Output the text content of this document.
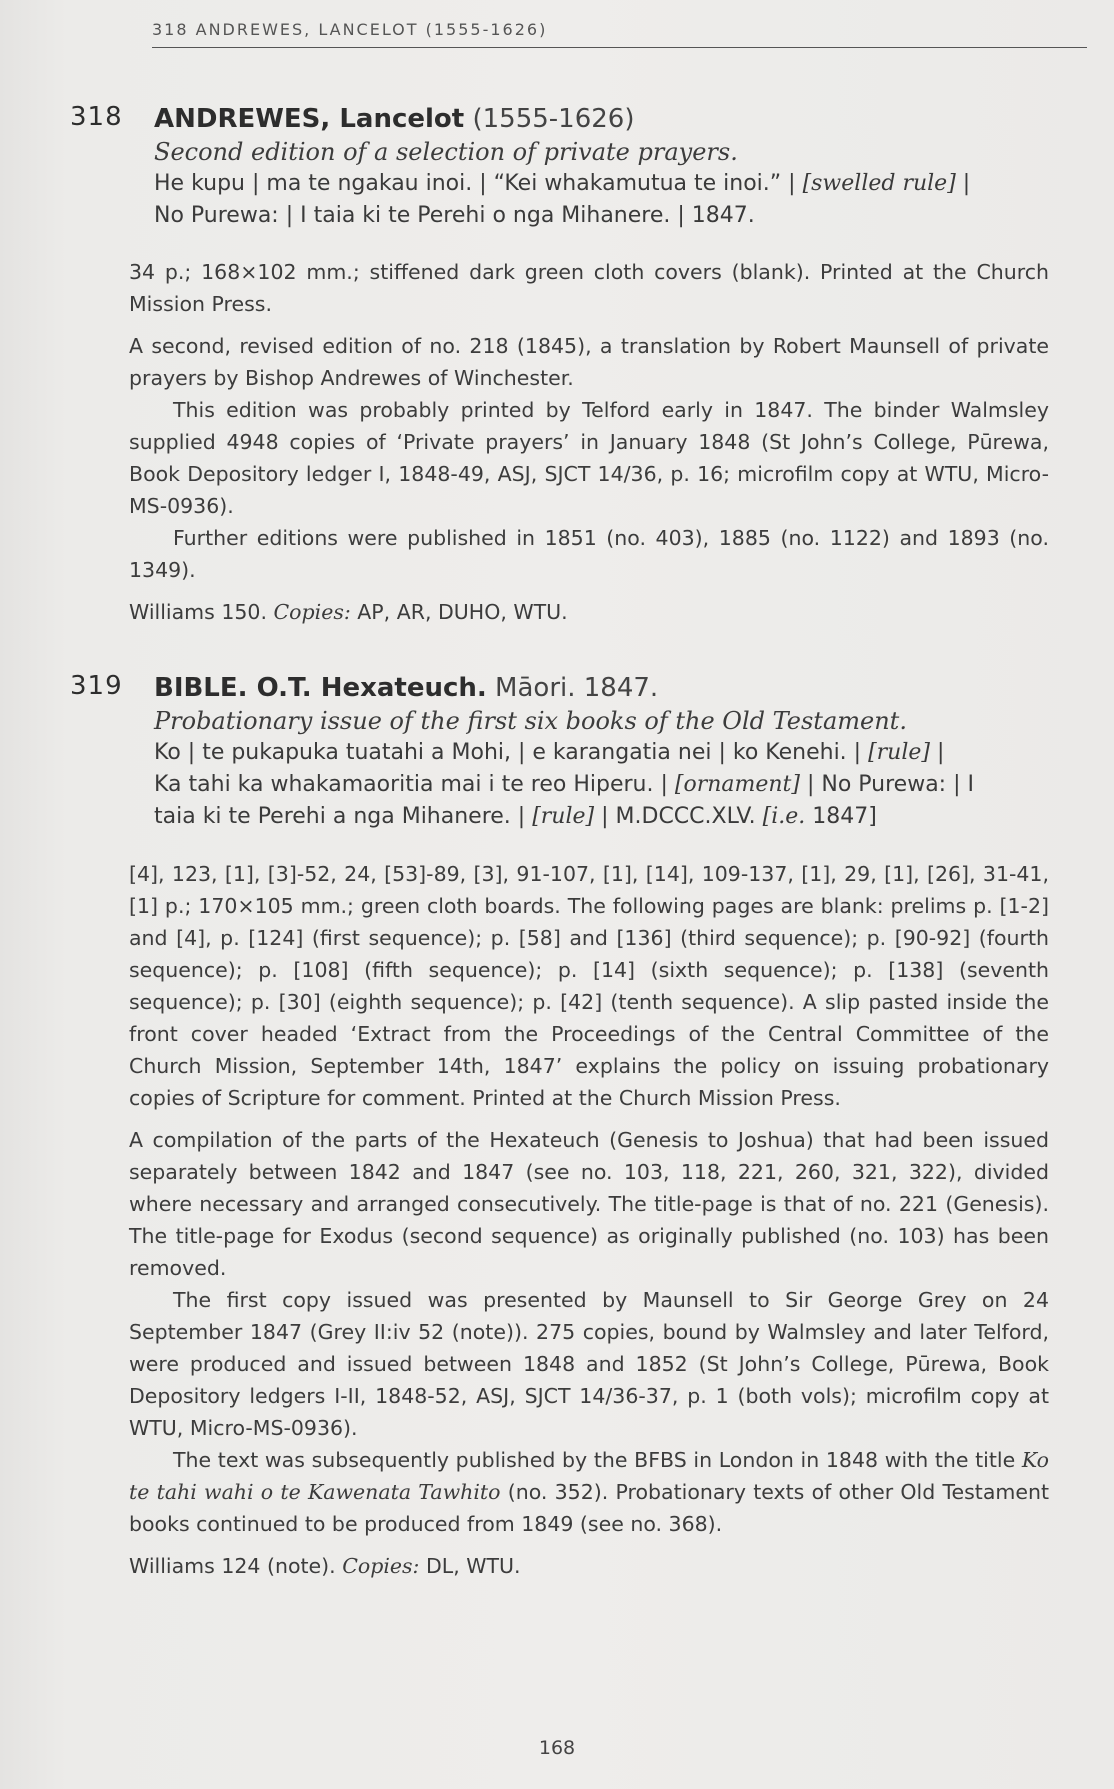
318 ANDREWES, LANCELOT (1555-1626)
318	ANDREWES, Lancelot (1555-1626)
Second edition of a selection of private prayers.
He kupu | ma te ngakau inoi. | “Kei whakamutua te inoi.” | [swelled rule] |
No Purewa: | I taia ki te Perehi o nga Mihanere. | 1847.

34 p.; 168×102 mm.; stiffened dark green cloth covers (blank). Printed at the Church Mission Press.

A second, revised edition of no. 218 (1845), a translation by Robert Maunsell of private prayers by Bishop Andrewes of Winchester.

This edition was probably printed by Telford early in 1847. The binder Walmsley supplied 4948 copies of ‘Private prayers’ in January 1848 (St John’s College, Pūrewa, Book Depository ledger I, 1848-49, ASJ, SJCT 14/36, p. 16; microfilm copy at WTU, Micro-MS-0936).

Further editions were published in 1851 (no. 403), 1885 (no. 1122) and 1893 (no. 1349).

Williams 150. Copies: AP, AR, DUHO, WTU.

319	BIBLE. O.T. Hexateuch. Māori. 1847.
Probationary issue of the first six books of the Old Testament.
Ko | te pukapuka tuatahi a Mohi, | e karangatia nei | ko Kenehi. | [rule] |
Ka tahi ka whakamaoritia mai i te reo Hiperu. | [ornament] | No Purewa: | I
taia ki te Perehi a nga Mihanere. | [rule] | M.DCCC.XLV. [i.e. 1847]

[4], 123, [1], [3]-52, 24, [53]-89, [3], 91-107, [1], [14], 109-137, [1], 29, [1], [26], 31-41, [1] p.; 170×105 mm.; green cloth boards. The following pages are blank: prelims p. [1-2] and [4], p. [124] (first sequence); p. [58] and [136] (third sequence); p. [90-92] (fourth sequence); p. [108] (fifth sequence); p. [14] (sixth sequence); p. [138] (seventh sequence); p. [30] (eighth sequence); p. [42] (tenth sequence). A slip pasted inside the front cover headed ‘Extract from the Proceedings of the Central Committee of the Church Mission, September 14th, 1847’ explains the policy on issuing probationary copies of Scripture for comment. Printed at the Church Mission Press.

A compilation of the parts of the Hexateuch (Genesis to Joshua) that had been issued separately between 1842 and 1847 (see no. 103, 118, 221, 260, 321, 322), divided where necessary and arranged consecutively. The title-page is that of no. 221 (Genesis). The title-page for Exodus (second sequence) as originally published (no. 103) has been removed.

The first copy issued was presented by Maunsell to Sir George Grey on 24 September 1847 (Grey II:iv 52 (note)). 275 copies, bound by Walmsley and later Telford, were produced and issued between 1848 and 1852 (St John’s College, Pūrewa, Book Depository ledgers I-II, 1848-52, ASJ, SJCT 14/36-37, p. 1 (both vols); microfilm copy at WTU, Micro-MS-0936).

The text was subsequently published by the BFBS in London in 1848 with the title Ko te tahi wahi o te Kawenata Tawhito (no. 352). Probationary texts of other Old Testament books continued to be produced from 1849 (see no. 368).

Williams 124 (note). Copies: DL, WTU.

168
